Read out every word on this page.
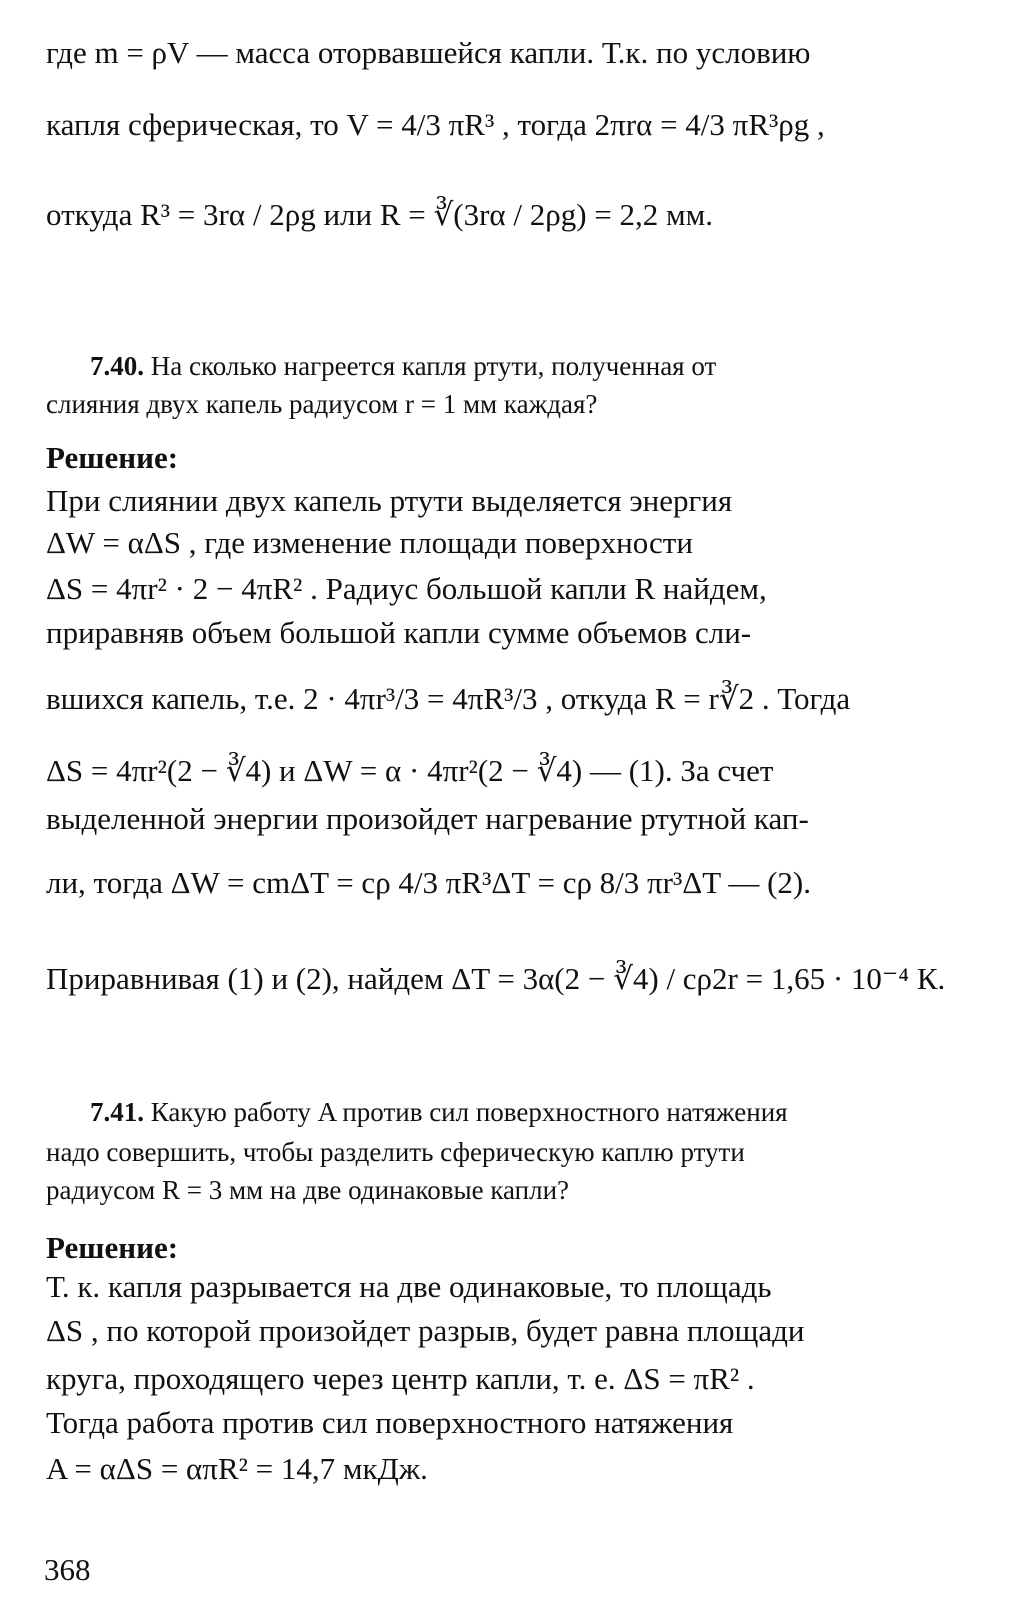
где m = ρV — масса оторвавшейся капли. Т.к. по условию
капля сферическая, то V = 4/3 πR³ , тогда 2πrα = 4/3 πR³ρg ,
откуда R³ = 3rα / 2ρg или R = ∛(3rα / 2ρg) = 2,2 мм.
7.40. На сколько нагреется капля ртути, полученная от
слияния двух капель радиусом r = 1 мм каждая?
Решение:
При слиянии двух капель ртути выделяется энергия
ΔW = αΔS , где изменение площади поверхности
ΔS = 4πr² · 2 − 4πR² . Радиус большой капли R найдем,
приравняв объем большой капли сумме объемов сли-
вшихся капель, т.е. 2 · 4πr³/3 = 4πR³/3 , откуда R = r∛2 . Тогда
ΔS = 4πr²(2 − ∛4) и ΔW = α · 4πr²(2 − ∛4) — (1). За счет
выделенной энергии произойдет нагревание ртутной кап-
ли, тогда ΔW = cmΔT = cρ 4/3 πR³ΔT = cρ 8/3 πr³ΔT — (2).
Приравнивая (1) и (2), найдем ΔT = 3α(2 − ∛4) / cρ2r = 1,65 · 10⁻⁴ К.
7.41. Какую работу A против сил поверхностного натяжения
надо совершить, чтобы разделить сферическую каплю ртути
радиусом R = 3 мм на две одинаковые капли?
Решение:
Т. к. капля разрывается на две одинаковые, то площадь
ΔS , по которой произойдет разрыв, будет равна площади
круга, проходящего через центр капли, т. е. ΔS = πR² .
Тогда работа против сил поверхностного натяжения
A = αΔS = απR² = 14,7 мкДж.
368
